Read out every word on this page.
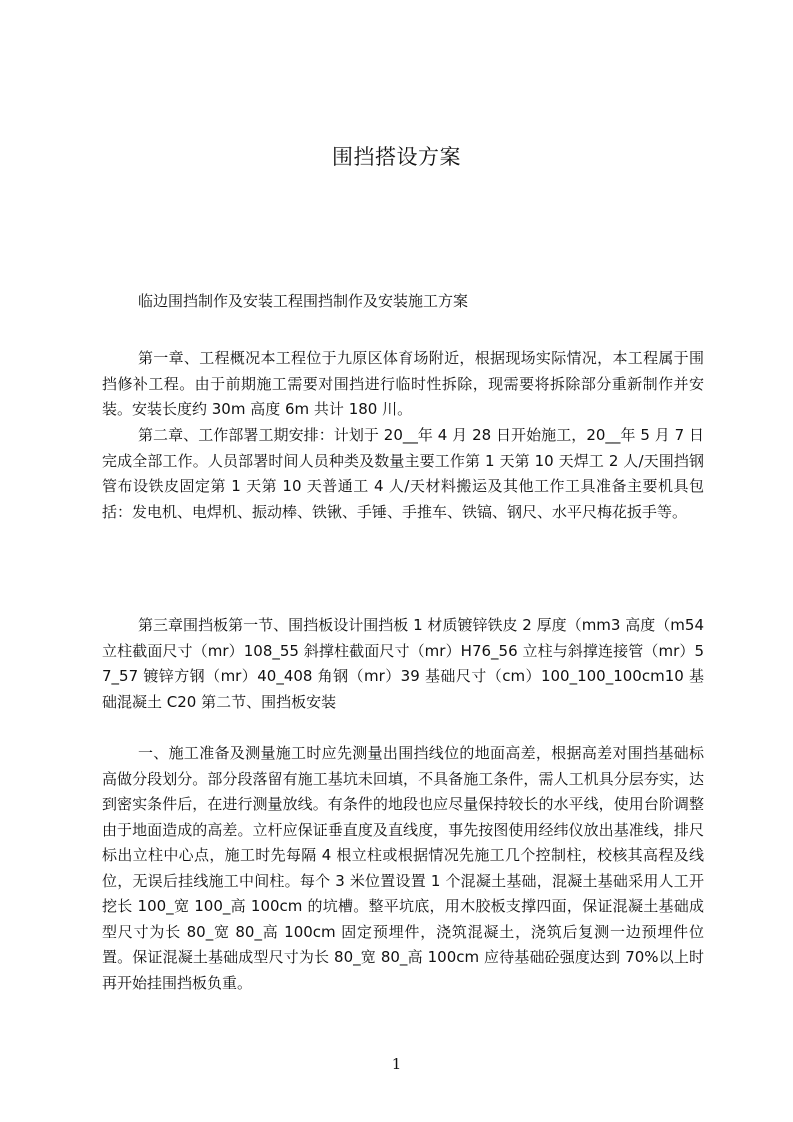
围挡搭设方案

临边围挡制作及安装工程围挡制作及安装施工方案

第一章、工程概况本工程位于九原区体育场附近，根据现场实际情况，本工程属于围挡修补工程。由于前期施工需要对围挡进行临时性拆除，现需要将拆除部分重新制作并安装。安装长度约 30m 高度 6m 共计 180 川。

第二章、工作部署工期安排：计划于 20__年 4 月 28 日开始施工，20__年 5 月 7 日完成全部工作。人员部署时间人员种类及数量主要工作第 1 天第 10 天焊工 2 人/天围挡钢管布设铁皮固定第 1 天第 10 天普通工 4 人/天材料搬运及其他工作工具准备主要机具包括：发电机、电焊机、振动棒、铁锹、手锤、手推车、铁镐、钢尺、水平尺梅花扳手等。

第三章围挡板第一节、围挡板设计围挡板 1 材质镀锌铁皮 2 厚度（mm3 高度（m54 立柱截面尺寸（mr）108_55 斜撑柱截面尺寸（mr）H76_56 立柱与斜撑连接管（mr）57_57 镀锌方钢（mr）40_408 角钢（mr）39 基础尺寸（cm）100_100_100cm10 基础混凝土 C20 第二节、围挡板安装

一、施工准备及测量施工时应先测量出围挡线位的地面高差，根据高差对围挡基础标高做分段划分。部分段落留有施工基坑未回填，不具备施工条件，需人工机具分层夯实，达到密实条件后，在进行测量放线。有条件的地段也应尽量保持较长的水平线，使用台阶调整由于地面造成的高差。立杆应保证垂直度及直线度，事先按图使用经纬仪放出基准线，排尺标出立柱中心点，施工时先每隔 4 根立柱或根据情况先施工几个控制柱，校核其高程及线位，无误后挂线施工中间柱。每个 3 米位置设置 1 个混凝土基础，混凝土基础采用人工开挖长 100_宽 100_高 100cm 的坑槽。整平坑底，用木胶板支撑四面，保证混凝土基础成型尺寸为长 80_宽 80_高 100cm 固定预埋件，浇筑混凝土，浇筑后复测一边预埋件位置。保证混凝土基础成型尺寸为长 80_宽 80_高 100cm 应待基础砼强度达到 70%以上时再开始挂围挡板负重。

1
